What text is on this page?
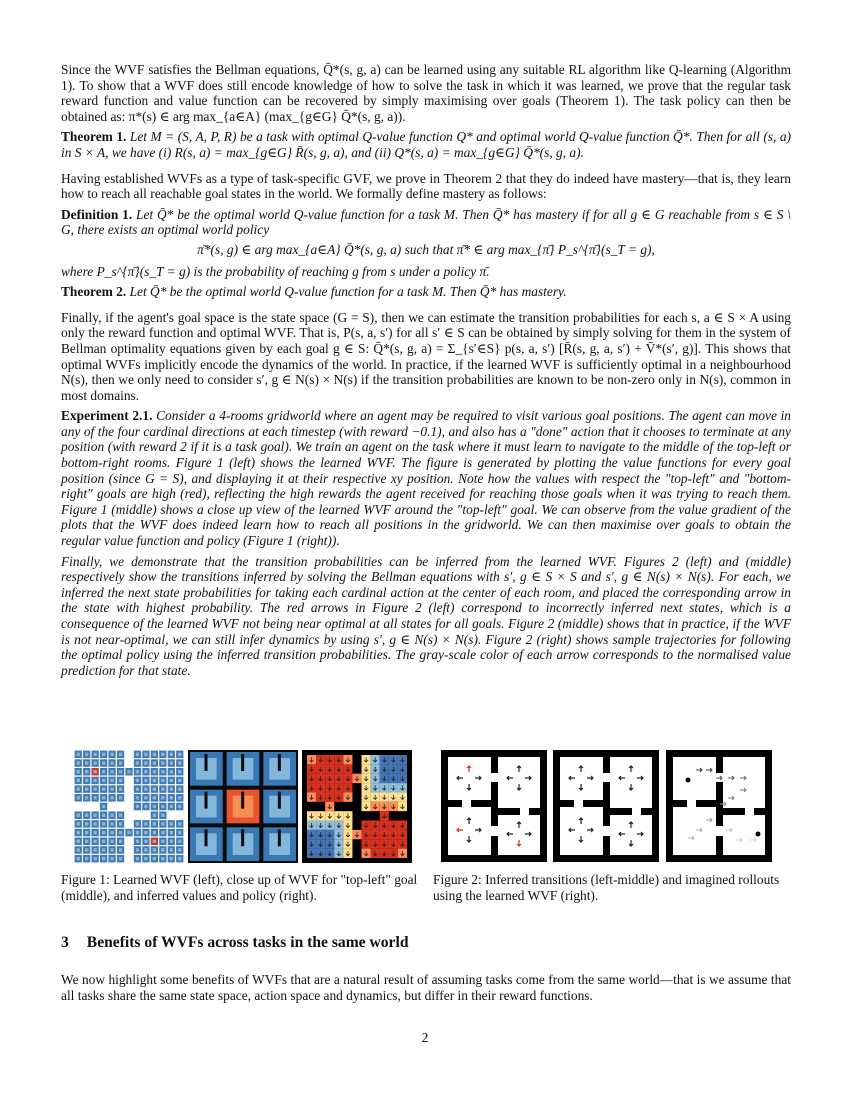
Since the WVF satisfies the Bellman equations, Q̄*(s, g, a) can be learned using any suitable RL algorithm like Q-learning (Algorithm 1). To show that a WVF does still encode knowledge of how to solve the task in which it was learned, we prove that the regular task reward function and value function can be recovered by simply maximising over goals (Theorem 1). The task policy can then be obtained as: π*(s) ∈ arg max_{a∈A} (max_{g∈G} Q̄*(s, g, a)).

Theorem 1. Let M = (S, A, P, R) be a task with optimal Q-value function Q* and optimal world Q-value function Q̄*. Then for all (s, a) in S × A, we have (i) R(s, a) = max_{g∈G} R̄(s, g, a), and (ii) Q*(s, a) = max_{g∈G} Q̄*(s, g, a).

Having established WVFs as a type of task-specific GVF, we prove in Theorem 2 that they do indeed have mastery—that is, they learn how to reach all reachable goal states in the world. We formally define mastery as follows:

Definition 1. Let Q̄* be the optimal world Q-value function for a task M. Then Q̄* has mastery if for all g ∈ G reachable from s ∈ S \ G, there exists an optimal world policy

π̄*(s, g) ∈ arg max_{a∈A} Q̄*(s, g, a) such that π̄* ∈ arg max_{π̄} P_s^{π̄}(s_T = g),

where P_s^{π̄}(s_T = g) is the probability of reaching g from s under a policy π̄.

Theorem 2. Let Q̄* be the optimal world Q-value function for a task M. Then Q̄* has mastery.

Finally, if the agent's goal space is the state space (G = S), then we can estimate the transition probabilities for each s, a ∈ S × A using only the reward function and optimal WVF. That is, P(s, a, s′) for all s′ ∈ S can be obtained by simply solving for them in the system of Bellman optimality equations given by each goal g ∈ S: Q̄*(s, g, a) = Σ_{s′∈S} p(s, a, s′) [R̄(s, g, a, s′) + V̄*(s′, g)]. This shows that optimal WVFs implicitly encode the dynamics of the world. In practice, if the learned WVF is sufficiently optimal in a neighbourhood N(s), then we only need to consider s′, g ∈ N(s) × N(s) if the transition probabilities are known to be non-zero only in N(s), common in most domains.

Experiment 2.1. Consider a 4-rooms gridworld where an agent may be required to visit various goal positions. The agent can move in any of the four cardinal directions at each timestep (with reward −0.1), and also has a "done" action that it chooses to terminate at any position (with reward 2 if it is a task goal). We train an agent on the task where it must learn to navigate to the middle of the top-left or bottom-right rooms. Figure 1 (left) shows the learned WVF. The figure is generated by plotting the value functions for every goal position (since G = S), and displaying it at their respective xy position. Note how the values with respect the "top-left" and "bottom-right" goals are high (red), reflecting the high rewards the agent received for reaching those goals when it was trying to reach them. Figure 1 (middle) shows a close up view of the learned WVF around the "top-left" goal. We can observe from the value gradient of the plots that the WVF does indeed learn how to reach all positions in the gridworld. We can then maximise over goals to obtain the regular value function and policy (Figure 1 (right)).

Finally, we demonstrate that the transition probabilities can be inferred from the learned WVF. Figures 2 (left) and (middle) respectively show the transitions inferred by solving the Bellman equations with s′, g ∈ S × S and s′, g ∈ N(s) × N(s). For each, we inferred the next state probabilities for taking each cardinal action at the center of each room, and placed the corresponding arrow in the state with highest probability. The red arrows in Figure 2 (left) correspond to incorrectly inferred next states, which is a consequence of the learned WVF not being near optimal at all states for all goals. Figure 2 (middle) shows that in practice, if the WVF is not near-optimal, we can still infer dynamics by using s′, g ∈ N(s) × N(s). Figure 2 (right) shows sample trajectories for following the optimal policy using the inferred transition probabilities. The gray-scale color of each arrow corresponds to the normalised value prediction for that state.

Figure 1: Learned WVF (left), close up of WVF for "top-left" goal (middle), and inferred values and policy (right).
Figure 2: Inferred transitions (left-middle) and imagined rollouts using the learned WVF (right).
3 Benefits of WVFs across tasks in the same world

We now highlight some benefits of WVFs that are a natural result of assuming tasks come from the same world—that is we assume that all tasks share the same state space, action space and dynamics, but differ in their reward functions.

2
